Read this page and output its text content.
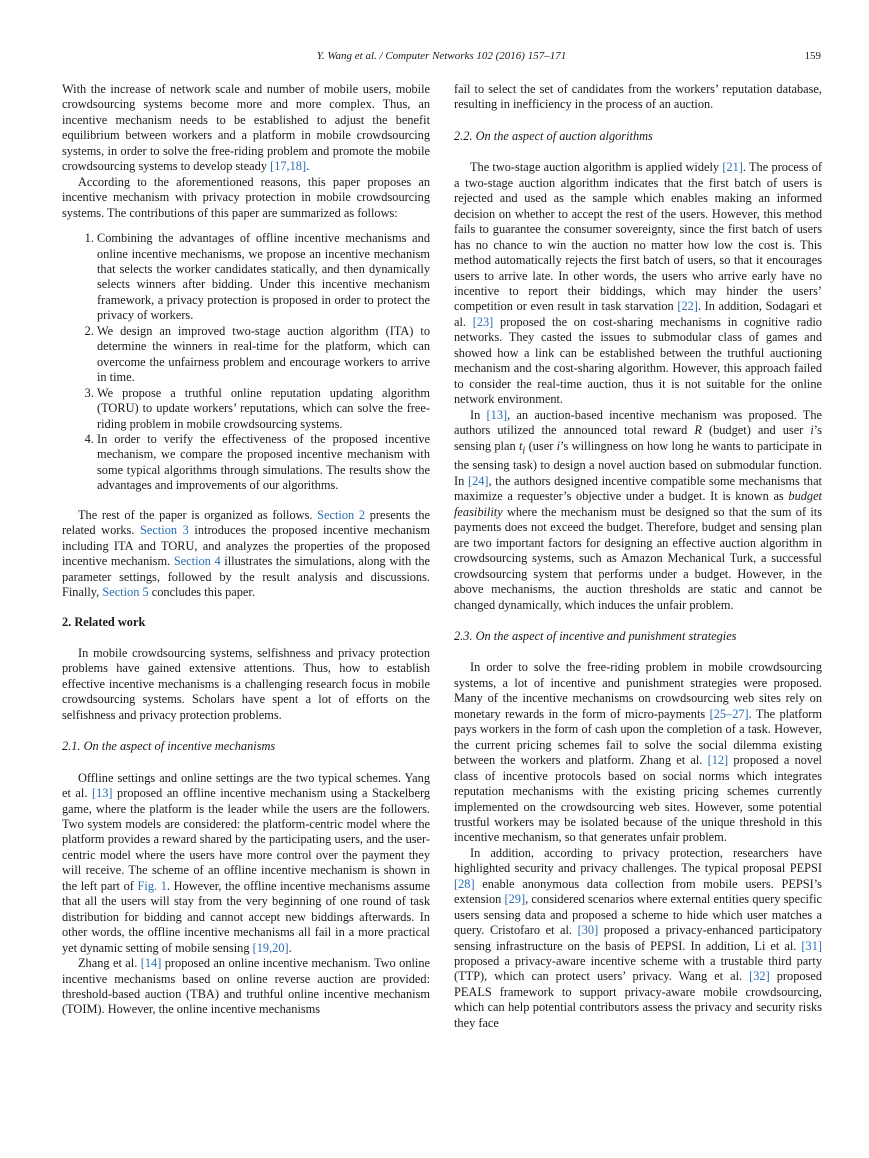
Y. Wang et al. / Computer Networks 102 (2016) 157–171	159

With the increase of network scale and number of mobile users, mobile crowdsourcing systems become more and more complex. Thus, an incentive mechanism needs to be established to adjust the benefit equilibrium between workers and a platform in mobile crowdsourcing systems, in order to solve the free-riding problem and promote the mobile crowdsourcing systems to develop steady [17,18].

According to the aforementioned reasons, this paper proposes an incentive mechanism with privacy protection in mobile crowdsourcing systems. The contributions of this paper are summarized as follows:

1. Combining the advantages of offline incentive mechanisms and online incentive mechanisms, we propose an incentive mechanism that selects the worker candidates statically, and then dynamically selects winners after bidding. Under this incentive mechanism framework, a privacy protection is proposed in order to protect the privacy of workers.
2. We design an improved two-stage auction algorithm (ITA) to determine the winners in real-time for the platform, which can overcome the unfairness problem and encourage workers to arrive in time.
3. We propose a truthful online reputation updating algorithm (TORU) to update workers’ reputations, which can solve the free-riding problem in mobile crowdsourcing systems.
4. In order to verify the effectiveness of the proposed incentive mechanism, we compare the proposed incentive mechanism with some typical algorithms through simulations. The results show the advantages and improvements of our algorithms.

The rest of the paper is organized as follows. Section 2 presents the related works. Section 3 introduces the proposed incentive mechanism including ITA and TORU, and analyzes the properties of the proposed incentive mechanism. Section 4 illustrates the simulations, along with the parameter settings, followed by the result analysis and discussions. Finally, Section 5 concludes this paper.

2. Related work

In mobile crowdsourcing systems, selfishness and privacy protection problems have gained extensive attentions. Thus, how to establish effective incentive mechanisms is a challenging research focus in mobile crowdsourcing systems. Scholars have spent a lot of efforts on the selfishness and privacy protection problems.

2.1. On the aspect of incentive mechanisms

Offline settings and online settings are the two typical schemes. Yang et al. [13] proposed an offline incentive mechanism using a Stackelberg game, where the platform is the leader while the users are the followers. Two system models are considered: the platform-centric model where the platform provides a reward shared by the participating users, and the user-centric model where the users have more control over the payment they will receive. The scheme of an offline incentive mechanism is shown in the left part of Fig. 1. However, the offline incentive mechanisms assume that all the users will stay from the very beginning of one round of task distribution for bidding and cannot accept new biddings afterwards. In other words, the offline incentive mechanisms all fail in a more practical yet dynamic setting of mobile sensing [19,20].

Zhang et al. [14] proposed an online incentive mechanism. Two online incentive mechanisms based on online reverse auction are provided: threshold-based auction (TBA) and truthful online incentive mechanism (TOIM). However, the online incentive mechanisms

fail to select the set of candidates from the workers’ reputation database, resulting in inefficiency in the process of an auction.

2.2. On the aspect of auction algorithms

The two-stage auction algorithm is applied widely [21]. The process of a two-stage auction algorithm indicates that the first batch of users is rejected and used as the sample which enables making an informed decision on whether to accept the rest of the users. However, this method fails to guarantee the consumer sovereignty, since the first batch of users has no chance to win the auction no matter how low the cost is. This method automatically rejects the first batch of users, so that it encourages users to arrive late. In other words, the users who arrive early have no incentive to report their biddings, which may hinder the users’ competition or even result in task starvation [22]. In addition, Sodagari et al. [23] proposed the on cost-sharing mechanisms in cognitive radio networks. They casted the issues to submodular class of games and showed how a link can be established between the truthful auctioning mechanism and the cost-sharing algorithm. However, this approach failed to consider the real-time auction, thus it is not suitable for the online network environment.

In [13], an auction-based incentive mechanism was proposed. The authors utilized the announced total reward R (budget) and user i’s sensing plan $t_i$ (user i’s willingness on how long he wants to participate in the sensing task) to design a novel auction based on submodular function. In [24], the authors designed incentive compatible some mechanisms that maximize a requester’s objective under a budget. It is known as budget feasibility where the mechanism must be designed so that the sum of its payments does not exceed the budget. Therefore, budget and sensing plan are two important factors for designing an effective auction algorithm in crowdsourcing systems, such as Amazon Mechanical Turk, a successful crowdsourcing system that performs under a budget. However, in the above mechanisms, the auction thresholds are static and cannot be changed dynamically, which induces the unfair problem.

2.3. On the aspect of incentive and punishment strategies

In order to solve the free-riding problem in mobile crowdsourcing systems, a lot of incentive and punishment strategies were proposed. Many of the incentive mechanisms on crowdsourcing web sites rely on monetary rewards in the form of micro-payments [25–27]. The platform pays workers in the form of cash upon the completion of a task. However, the current pricing schemes fail to solve the social dilemma existing between the workers and platform. Zhang et al. [12] proposed a novel class of incentive protocols based on social norms which integrates reputation mechanisms with the existing pricing schemes currently implemented on the crowdsourcing web sites. However, some potential trustful workers may be isolated because of the unique threshold in this incentive mechanism, so that generates unfair problem.

In addition, according to privacy protection, researchers have highlighted security and privacy challenges. The typical proposal PEPSI [28] enable anonymous data collection from mobile users. PEPSI’s extension [29], considered scenarios where external entities query specific users sensing data and proposed a scheme to hide which user matches a query. Cristofaro et al. [30] proposed a privacy-enhanced participatory sensing infrastructure on the basis of PEPSI. In addition, Li et al. [31] proposed a privacy-aware incentive scheme with a trustable third party (TTP), which can protect users’ privacy. Wang et al. [32] proposed PEALS framework to support privacy-aware mobile crowdsourcing, which can help potential contributors assess the privacy and security risks they face
